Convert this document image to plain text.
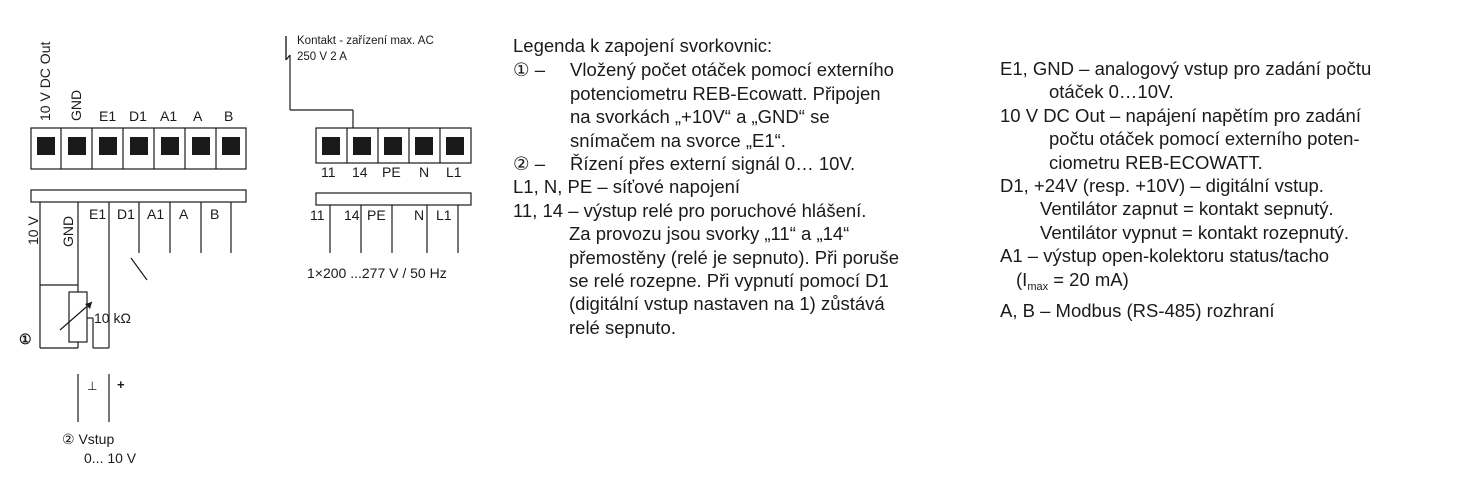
10 V DC Out GND E1 D1 A1 A B
10 V GND
E1 D1 A1 A B
10 kΩ
①
⊥ +
② Vstup
0... 10 V
Kontakt - zařízení max. AC
250 V 2 A
11 14 PE N L1
11 14 PE N L1
1×200 ...277 V / 50 Hz
Legenda k zapojení svorkovnic:
① – Vložený počet otáček pomocí externího
potenciometru REB-Ecowatt. Připojen
na svorkách „+10V“ a „GND“ se
snímačem na svorce „E1“.
② – Řízení přes externí signál 0… 10V.
L1, N, PE – síťové napojení
11, 14 – výstup relé pro poruchové hlášení.
Za provozu jsou svorky „11“ a „14“
přemostěny (relé je sepnuto). Při poruše
se relé rozepne. Při vypnutí pomocí D1
(digitální vstup nastaven na 1) zůstává
relé sepnuto.
E1, GND – analogový vstup pro zadání počtu
otáček 0…10V.
10 V DC Out – napájení napětím pro zadání
počtu otáček pomocí externího poten-
ciometru REB-ECOWATT.
D1, +24V (resp. +10V) – digitální vstup.
Ventilátor zapnut = kontakt sepnutý.
Ventilátor vypnut = kontakt rozepnutý.
A1 – výstup open-kolektoru status/tacho
($I_{max} = 20$ mA)
A, B – Modbus (RS-485) rozhraní
